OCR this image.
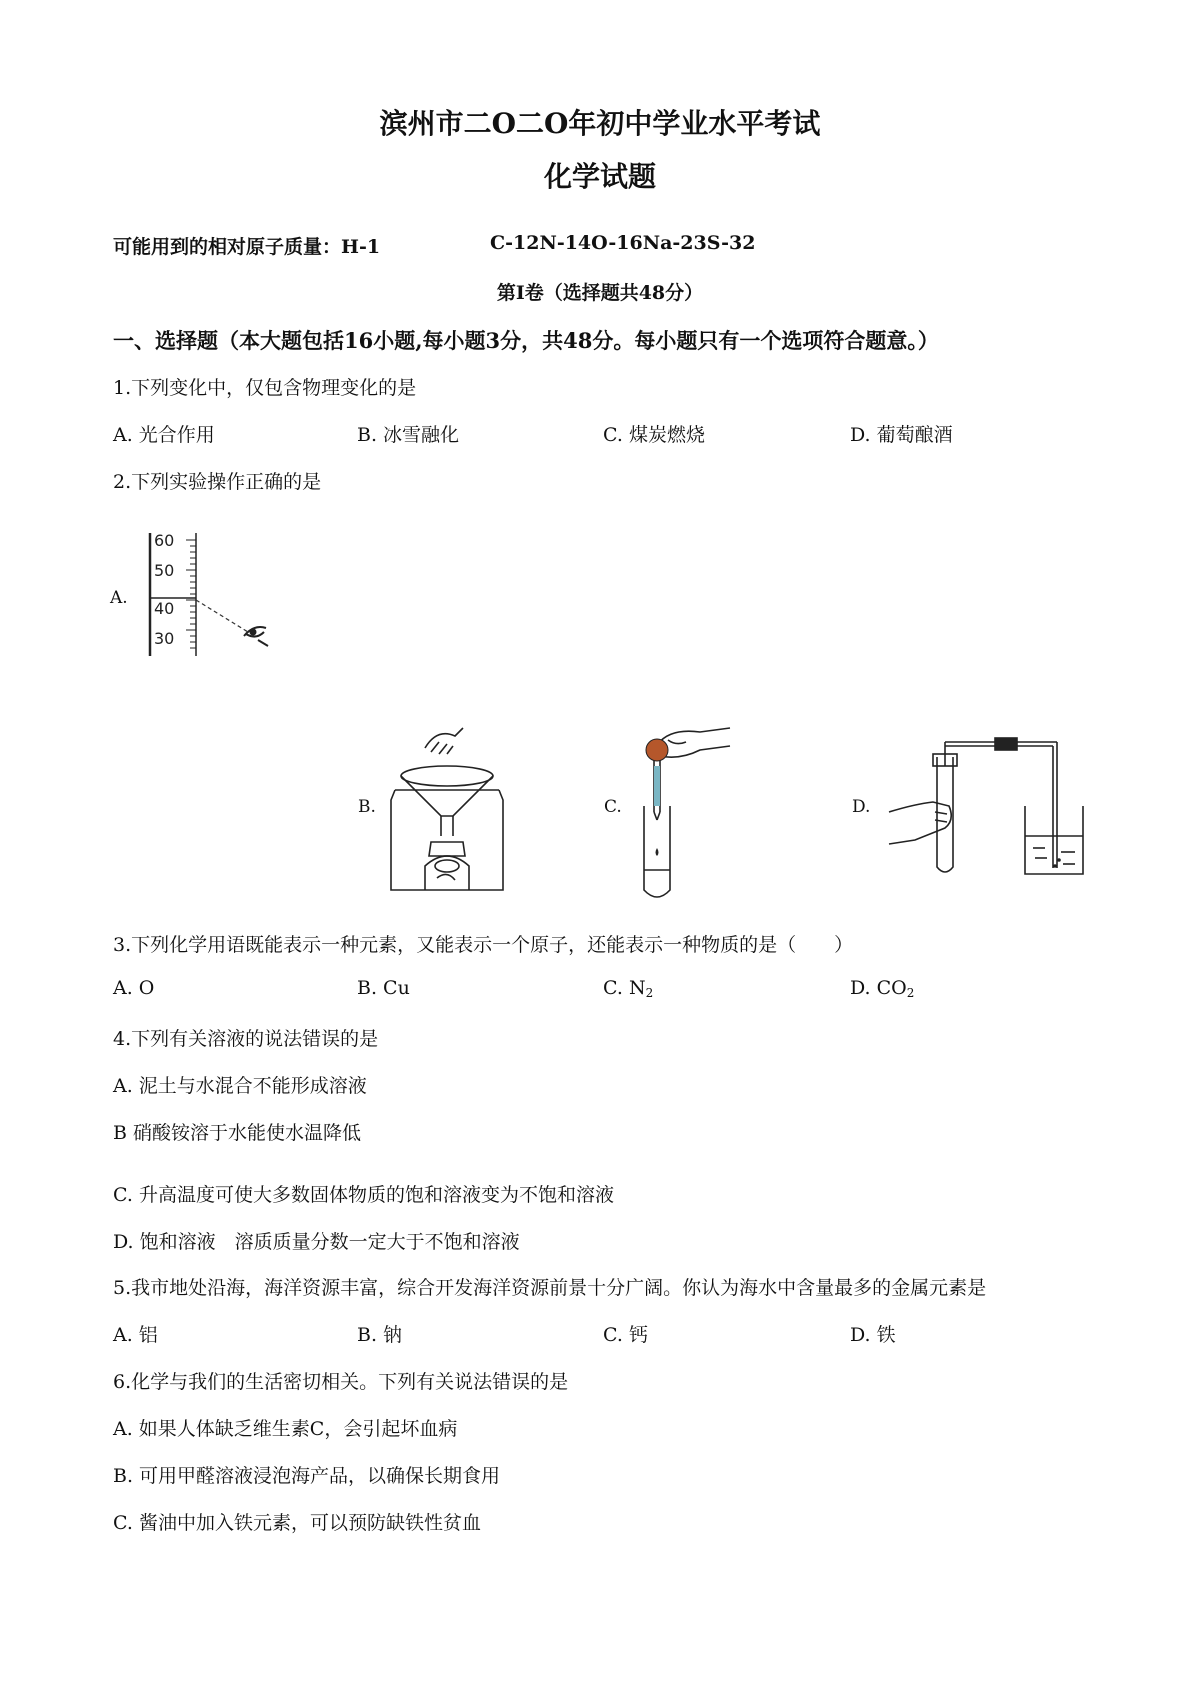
滨州市二O二O年初中学业水平考试
化学试题
可能用到的相对原子质量：H-1	C-12N-14O-16Na-23S-32
第I卷（选择题共48分）
一、选择题（本大题包括16小题,每小题3分，共48分。每小题只有一个选项符合题意。）
1.下列变化中，仅包含物理变化的是
A. 光合作用	B. 冰雪融化	C. 煤炭燃烧	D. 葡萄酿酒
2.下列实验操作正确的是
A.
60
50
40
30
B.	C.	D.
3.下列化学用语既能表示一种元素，又能表示一个原子，还能表示一种物质的是（　　）
A. O	B. Cu	C. $N_2$	D. $CO_2$
4.下列有关溶液的说法错误的是
A. 泥土与水混合不能形成溶液
B 硝酸铵溶于水能使水温降低
C. 升高温度可使大多数固体物质的饱和溶液变为不饱和溶液
D. 饱和溶液　溶质质量分数一定大于不饱和溶液
5.我市地处沿海，海洋资源丰富，综合开发海洋资源前景十分广阔。你认为海水中含量最多的金属元素是
A. 铝	B. 钠	C. 钙	D. 铁
6.化学与我们的生活密切相关。下列有关说法错误的是
A. 如果人体缺乏维生素C，会引起坏血病
B. 可用甲醛溶液浸泡海产品，以确保长期食用
C. 酱油中加入铁元素，可以预防缺铁性贫血
